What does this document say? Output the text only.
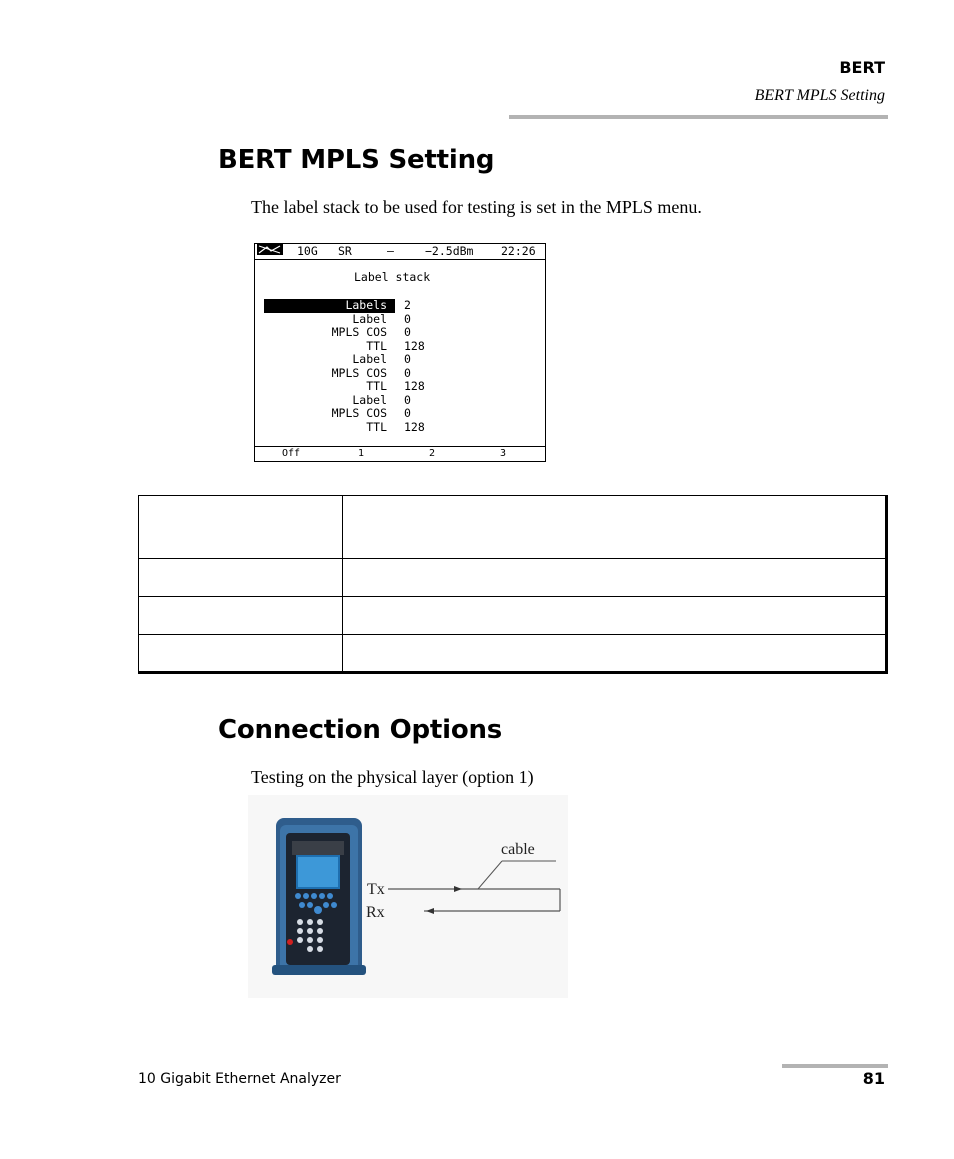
BERT
BERT MPLS Setting
BERT MPLS Setting
The label stack to be used for testing is set in the MPLS menu.
10G SR	–	−2.5dBm 22:26
Label stack
Labels	2
Label 0
MPLS COS 0
TTL 128
Label 0
MPLS COS 0
TTL 128
Label 0
MPLS COS 0
TTL 128
Off	1	2	3

Connection Options
Testing on the physical layer (option 1)
cable
Tx
Rx
10 Gigabit Ethernet Analyzer	81
